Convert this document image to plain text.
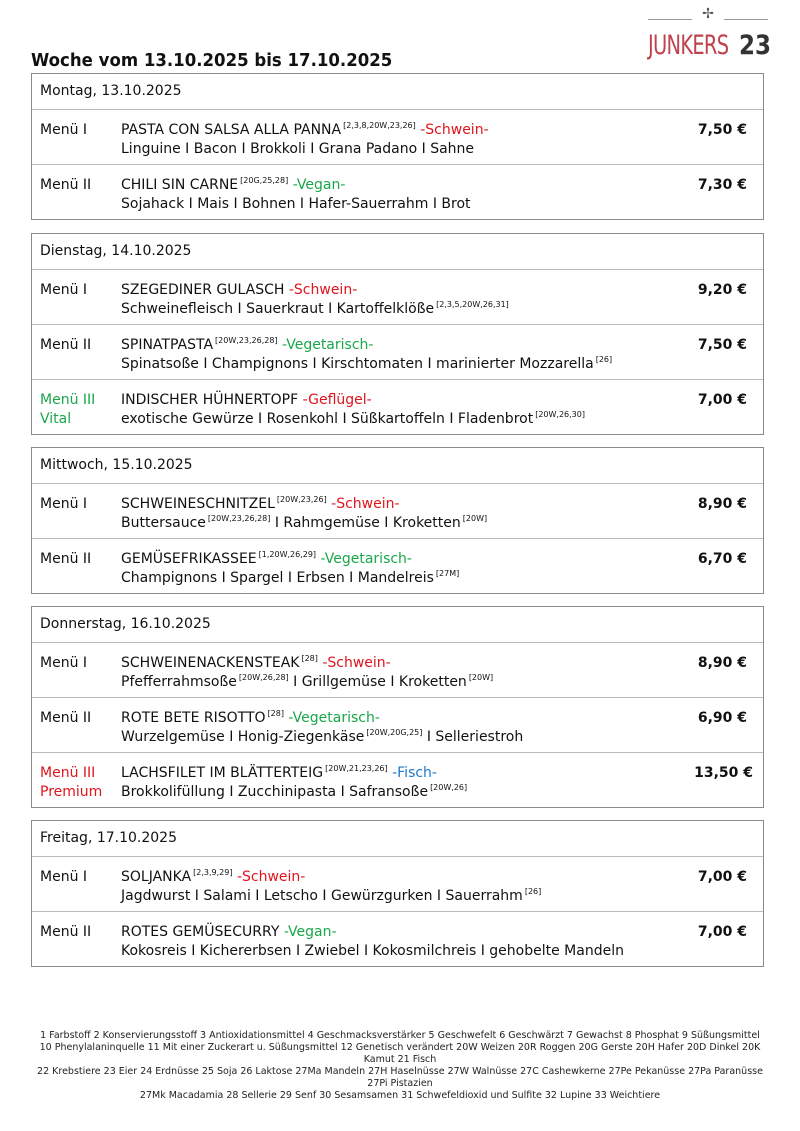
✢
JUNKERS 23
Woche vom 13.10.2025 bis 17.10.2025
Montag, 13.10.2025
Menü I PASTA CON SALSA ALLA PANNA [2,3,8,20W,23,26] -Schwein-
Linguine I Bacon I Brokkoli I Grana Padano I Sahne
7,50 €
Menü II CHILI SIN CARNE [20G,25,28] -Vegan-
Sojahack I Mais I Bohnen I Hafer-Sauerrahm I Brot
7,30 €
Dienstag, 14.10.2025
Menü I SZEGEDINER GULASCH -Schwein-
Schweinefleisch I Sauerkraut I Kartoffelklöße [2,3,5,20W,26,31]
9,20 €
Menü II SPINATPASTA [20W,23,26,28] -Vegetarisch-
Spinatsoße I Champignons I Kirschtomaten I marinierter Mozzarella [26]
7,50 €
Menü III
Vital
INDISCHER HÜHNERTOPF -Geflügel-
exotische Gewürze I Rosenkohl I Süßkartoffeln I Fladenbrot [20W,26,30]
7,00 €
Mittwoch, 15.10.2025
Menü I SCHWEINESCHNITZEL [20W,23,26] -Schwein-
Buttersauce [20W,23,26,28] I Rahmgemüse I Kroketten [20W]
8,90 €
Menü II GEMÜSEFRIKASSEE [1,20W,26,29] -Vegetarisch-
Champignons I Spargel I Erbsen I Mandelreis [27M]
6,70 €
Donnerstag, 16.10.2025
Menü I SCHWEINENACKENSTEAK [28] -Schwein-
Pfefferrahmsoße [20W,26,28] I Grillgemüse I Kroketten [20W]
8,90 €
Menü II ROTE BETE RISOTTO [28] -Vegetarisch-
Wurzelgemüse I Honig-Ziegenkäse [20W,20G,25] I Selleriestroh
6,90 €
Menü III
Premium
LACHSFILET IM BLÄTTERTEIG [20W,21,23,26] -Fisch-
Brokkolifüllung I Zucchinipasta I Safransoße [20W,26]
13,50 €
Freitag, 17.10.2025
Menü I SOLJANKA [2,3,9,29] -Schwein-
Jagdwurst I Salami I Letscho I Gewürzgurken I Sauerrahm [26]
7,00 €
Menü II ROTES GEMÜSECURRY -Vegan-
Kokosreis I Kichererbsen I Zwiebel I Kokosmilchreis I gehobelte Mandeln
7,00 €
1 Farbstoff 2 Konservierungsstoff 3 Antioxidationsmittel 4 Geschmacksverstärker 5 Geschwefelt 6 Geschwärzt 7 Gewachst 8 Phosphat 9 Süßungsmittel
10 Phenylalaninquelle 11 Mit einer Zuckerart u. Süßungsmittel 12 Genetisch verändert 20W Weizen 20R Roggen 20G Gerste 20H Hafer 20D Dinkel 20K Kamut 21 Fisch
22 Krebstiere 23 Eier 24 Erdnüsse 25 Soja 26 Laktose 27Ma Mandeln 27H Haselnüsse 27W Walnüsse 27C Cashewkerne 27Pe Pekanüsse 27Pa Paranüsse 27Pi Pistazien
27Mk Macadamia 28 Sellerie 29 Senf 30 Sesamsamen 31 Schwefeldioxid und Sulfite 32 Lupine 33 Weichtiere
